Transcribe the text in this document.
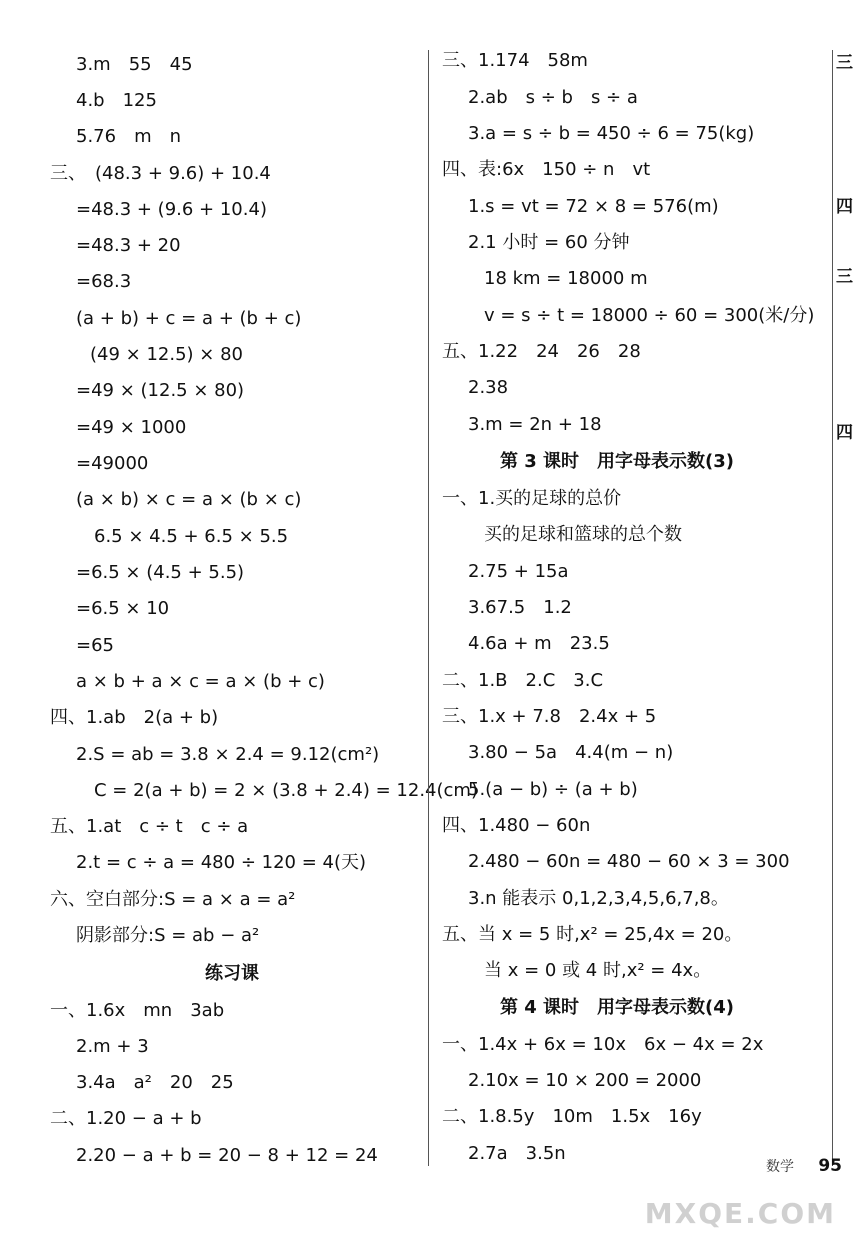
3.m　55　45
4.b　125
5.76　m　n
三、　(48.3 + 9.6) + 10.4
=48.3 + (9.6 + 10.4)
=48.3 + 20
=68.3
(a + b) + c = a + (b + c)
(49 × 12.5) × 80
=49 × (12.5 × 80)
=49 × 1000
=49000
(a × b) × c = a × (b × c)
6.5 × 4.5 + 6.5 × 5.5
=6.5 × (4.5 + 5.5)
=6.5 × 10
=65
a × b + a × c = a × (b + c)
四、1.ab　2(a + b)
2.S = ab = 3.8 × 2.4 = 9.12(cm²)
C = 2(a + b) = 2 × (3.8 + 2.4) = 12.4(cm)
五、1.at　c ÷ t　c ÷ a
2.t = c ÷ a = 480 ÷ 120 = 4(天)
六、空白部分:S = a × a = a²
阴影部分:S = ab − a²
练习课
一、1.6x　mn　3ab
2.m + 3
3.4a　a²　20　25
二、1.20 − a + b
2.20 − a + b = 20 − 8 + 12 = 24
三、1.174　58m
2.ab　s ÷ b　s ÷ a
3.a = s ÷ b = 450 ÷ 6 = 75(kg)
四、表:6x　150 ÷ n　vt
1.s = vt = 72 × 8 = 576(m)
2.1 小时 = 60 分钟
18 km = 18000 m
v = s ÷ t = 18000 ÷ 60 = 300(米/分)
五、1.22　24　26　28
2.38
3.m = 2n + 18
第 3 课时　用字母表示数(3)
一、1.买的足球的总价
买的足球和篮球的总个数
2.75 + 15a
3.67.5　1.2
4.6a + m　23.5
二、1.B　2.C　3.C
三、1.x + 7.8　2.4x + 5
3.80 − 5a　4.4(m − n)
5.(a − b) ÷ (a + b)
四、1.480 − 60n
2.480 − 60n = 480 − 60 × 3 = 300
3.n 能表示 0,1,2,3,4,5,6,7,8。
五、当 x = 5 时,x² = 25,4x = 20。
当 x = 0 或 4 时,x² = 4x。
第 4 课时　用字母表示数(4)
一、1.4x + 6x = 10x　6x − 4x = 2x
2.10x = 10 × 200 = 2000
二、1.8.5y　10m　1.5x　16y
2.7a　3.5n
三
四
三
四
数学 95
MXQE.COM
